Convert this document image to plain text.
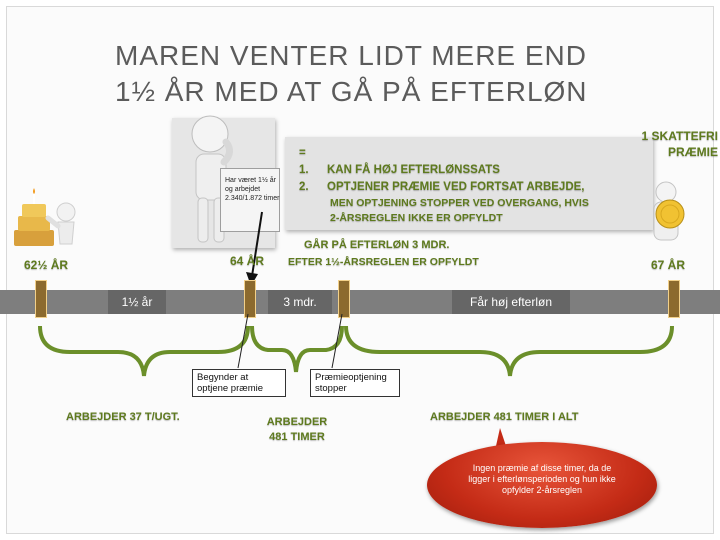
MAREN VENTER LIDT MERE END
1½ ÅR MED AT GÅ PÅ EFTERLØN
Har været 1½ år og arbejdet 2.340/1.872 timer
=
1. KAN FÅ HØJ EFTERLØNSSATS
2. OPTJENER PRÆMIE VED FORTSAT ARBEJDE,
MEN OPTJENING STOPPER VED OVERGANG, HVIS
2-ÅRSREGLEN IKKE ER OPFYLDT
1 SKATTEFRI
PRÆMIE
62½ ÅR	64 ÅR	67 ÅR
GÅR PÅ EFTERLØN 3 MDR.
EFTER 1½-ÅRSREGLEN ER OPFYLDT
1½ år	3 mdr.	Får høj efterløn
Begynder at optjene præmie
Præmieoptjening stopper
ARBEJDER 37 T/UGT.	ARBEJDER
481 TIMER
ARBEJDER 481 TIMER I ALT
Ingen præmie af disse timer, da de ligger i efterlønsperioden og hun ikke opfylder 2-årsreglen
